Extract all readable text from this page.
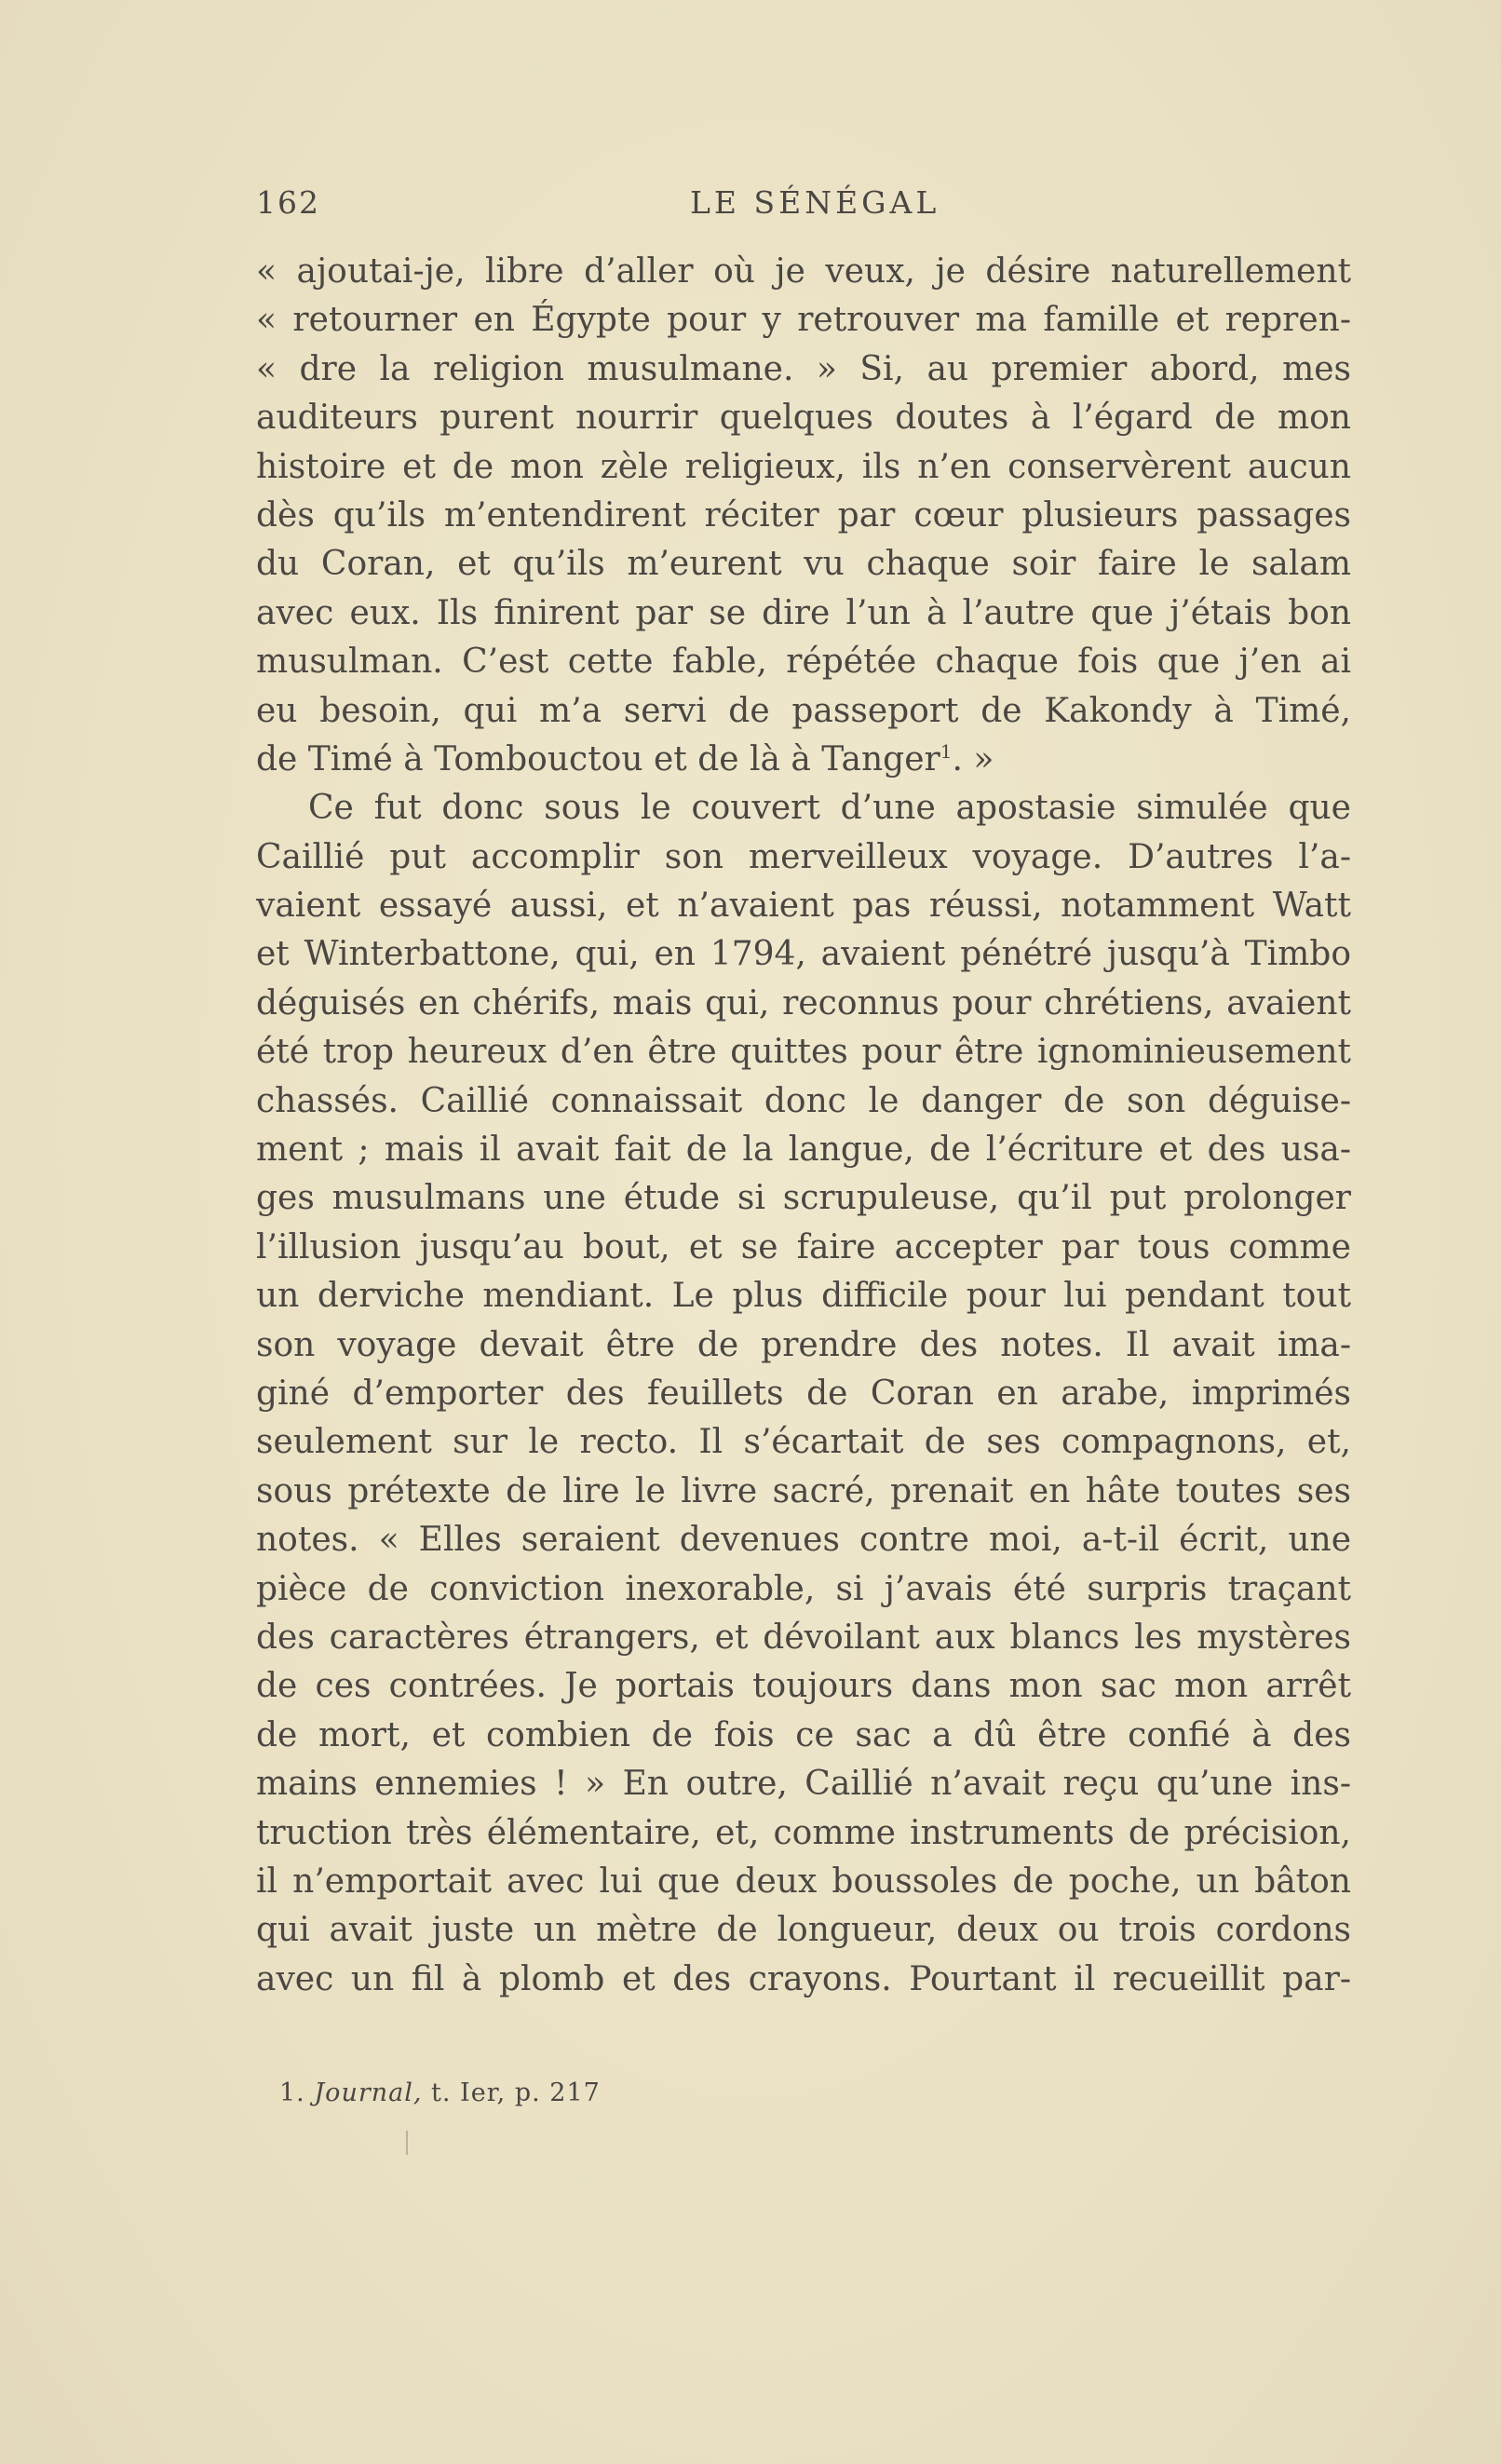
162	LE SÉNÉGAL
« ajoutai-je, libre d’aller où je veux, je désire naturellement
« retourner en Égypte pour y retrouver ma famille et repren-
« dre la religion musulmane. » Si, au premier abord, mes
auditeurs purent nourrir quelques doutes à l’égard de mon
histoire et de mon zèle religieux, ils n’en conservèrent aucun
dès qu’ils m’entendirent réciter par cœur plusieurs passages
du Coran, et qu’ils m’eurent vu chaque soir faire le salam
avec eux. Ils finirent par se dire l’un à l’autre que j’étais bon
musulman. C’est cette fable, répétée chaque fois que j’en ai
eu besoin, qui m’a servi de passeport de Kakondy à Timé,
de Timé à Tombouctou et de là à Tanger$^1$. »
Ce fut donc sous le couvert d’une apostasie simulée que
Caillié put accomplir son merveilleux voyage. D’autres l’a-
vaient essayé aussi, et n’avaient pas réussi, notamment Watt
et Winterbattone, qui, en 1794, avaient pénétré jusqu’à Timbo
déguisés en chérifs, mais qui, reconnus pour chrétiens, avaient
été trop heureux d’en être quittes pour être ignominieusement
chassés. Caillié connaissait donc le danger de son déguise-
ment ; mais il avait fait de la langue, de l’écriture et des usa-
ges musulmans une étude si scrupuleuse, qu’il put prolonger
l’illusion jusqu’au bout, et se faire accepter par tous comme
un derviche mendiant. Le plus difficile pour lui pendant tout
son voyage devait être de prendre des notes. Il avait ima-
giné d’emporter des feuillets de Coran en arabe, imprimés
seulement sur le recto. Il s’écartait de ses compagnons, et,
sous prétexte de lire le livre sacré, prenait en hâte toutes ses
notes. « Elles seraient devenues contre moi, a-t-il écrit, une
pièce de conviction inexorable, si j’avais été surpris traçant
des caractères étrangers, et dévoilant aux blancs les mystères
de ces contrées. Je portais toujours dans mon sac mon arrêt
de mort, et combien de fois ce sac a dû être confié à des
mains ennemies ! » En outre, Caillié n’avait reçu qu’une ins-
truction très élémentaire, et, comme instruments de précision,
il n’emportait avec lui que deux boussoles de poche, un bâton
qui avait juste un mètre de longueur, deux ou trois cordons
avec un fil à plomb et des crayons. Pourtant il recueillit par-
1. Journal, t. Ier, p. 217
